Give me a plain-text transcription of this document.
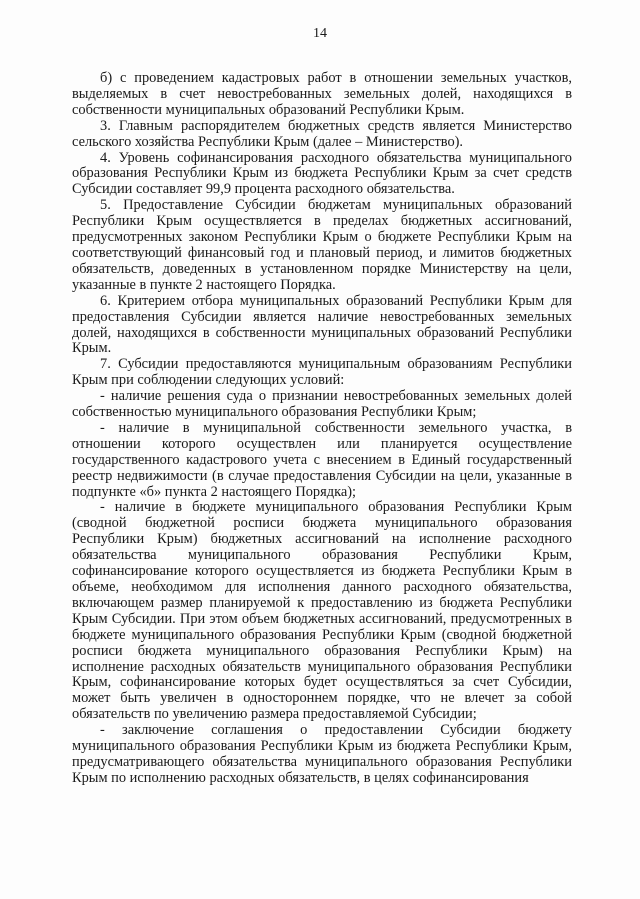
14

б) с проведением кадастровых работ в отношении земельных участков, выделяемых в счет невостребованных земельных долей, находящихся в собственности муниципальных образований Республики Крым.

3. Главным распорядителем бюджетных средств является Министерство сельского хозяйства Республики Крым (далее – Министерство).

4. Уровень софинансирования расходного обязательства муниципального образования Республики Крым из бюджета Республики Крым за счет средств Субсидии составляет 99,9 процента расходного обязательства.

5. Предоставление Субсидии бюджетам муниципальных образований Республики Крым осуществляется в пределах бюджетных ассигнований, предусмотренных законом Республики Крым о бюджете Республики Крым на соответствующий финансовый год и плановый период, и лимитов бюджетных обязательств, доведенных в установленном порядке Министерству на цели, указанные в пункте 2 настоящего Порядка.

6. Критерием отбора муниципальных образований Республики Крым для предоставления Субсидии является наличие невостребованных земельных долей, находящихся в собственности муниципальных образований Республики Крым.

7. Субсидии предоставляются муниципальным образованиям Республики Крым при соблюдении следующих условий:

- наличие решения суда о признании невостребованных земельных долей собственностью муниципального образования Республики Крым;

- наличие в муниципальной собственности земельного участка, в отношении которого осуществлен или планируется осуществление государственного кадастрового учета с внесением в Единый государственный реестр недвижимости (в случае предоставления Субсидии на цели, указанные в подпункте «б» пункта 2 настоящего Порядка);

- наличие в бюджете муниципального образования Республики Крым (сводной бюджетной росписи бюджета муниципального образования Республики Крым) бюджетных ассигнований на исполнение расходного обязательства муниципального образования Республики Крым, софинансирование которого осуществляется из бюджета Республики Крым в объеме, необходимом для исполнения данного расходного обязательства, включающем размер планируемой к предоставлению из бюджета Республики Крым Субсидии. При этом объем бюджетных ассигнований, предусмотренных в бюджете муниципального образования Республики Крым (сводной бюджетной росписи бюджета муниципального образования Республики Крым) на исполнение расходных обязательств муниципального образования Республики Крым, софинансирование которых будет осуществляться за счет Субсидии, может быть увеличен в одностороннем порядке, что не влечет за собой обязательств по увеличению размера предоставляемой Субсидии;

- заключение соглашения о предоставлении Субсидии бюджету муниципального образования Республики Крым из бюджета Республики Крым, предусматривающего обязательства муниципального образования Республики Крым по исполнению расходных обязательств, в целях софинансирования
